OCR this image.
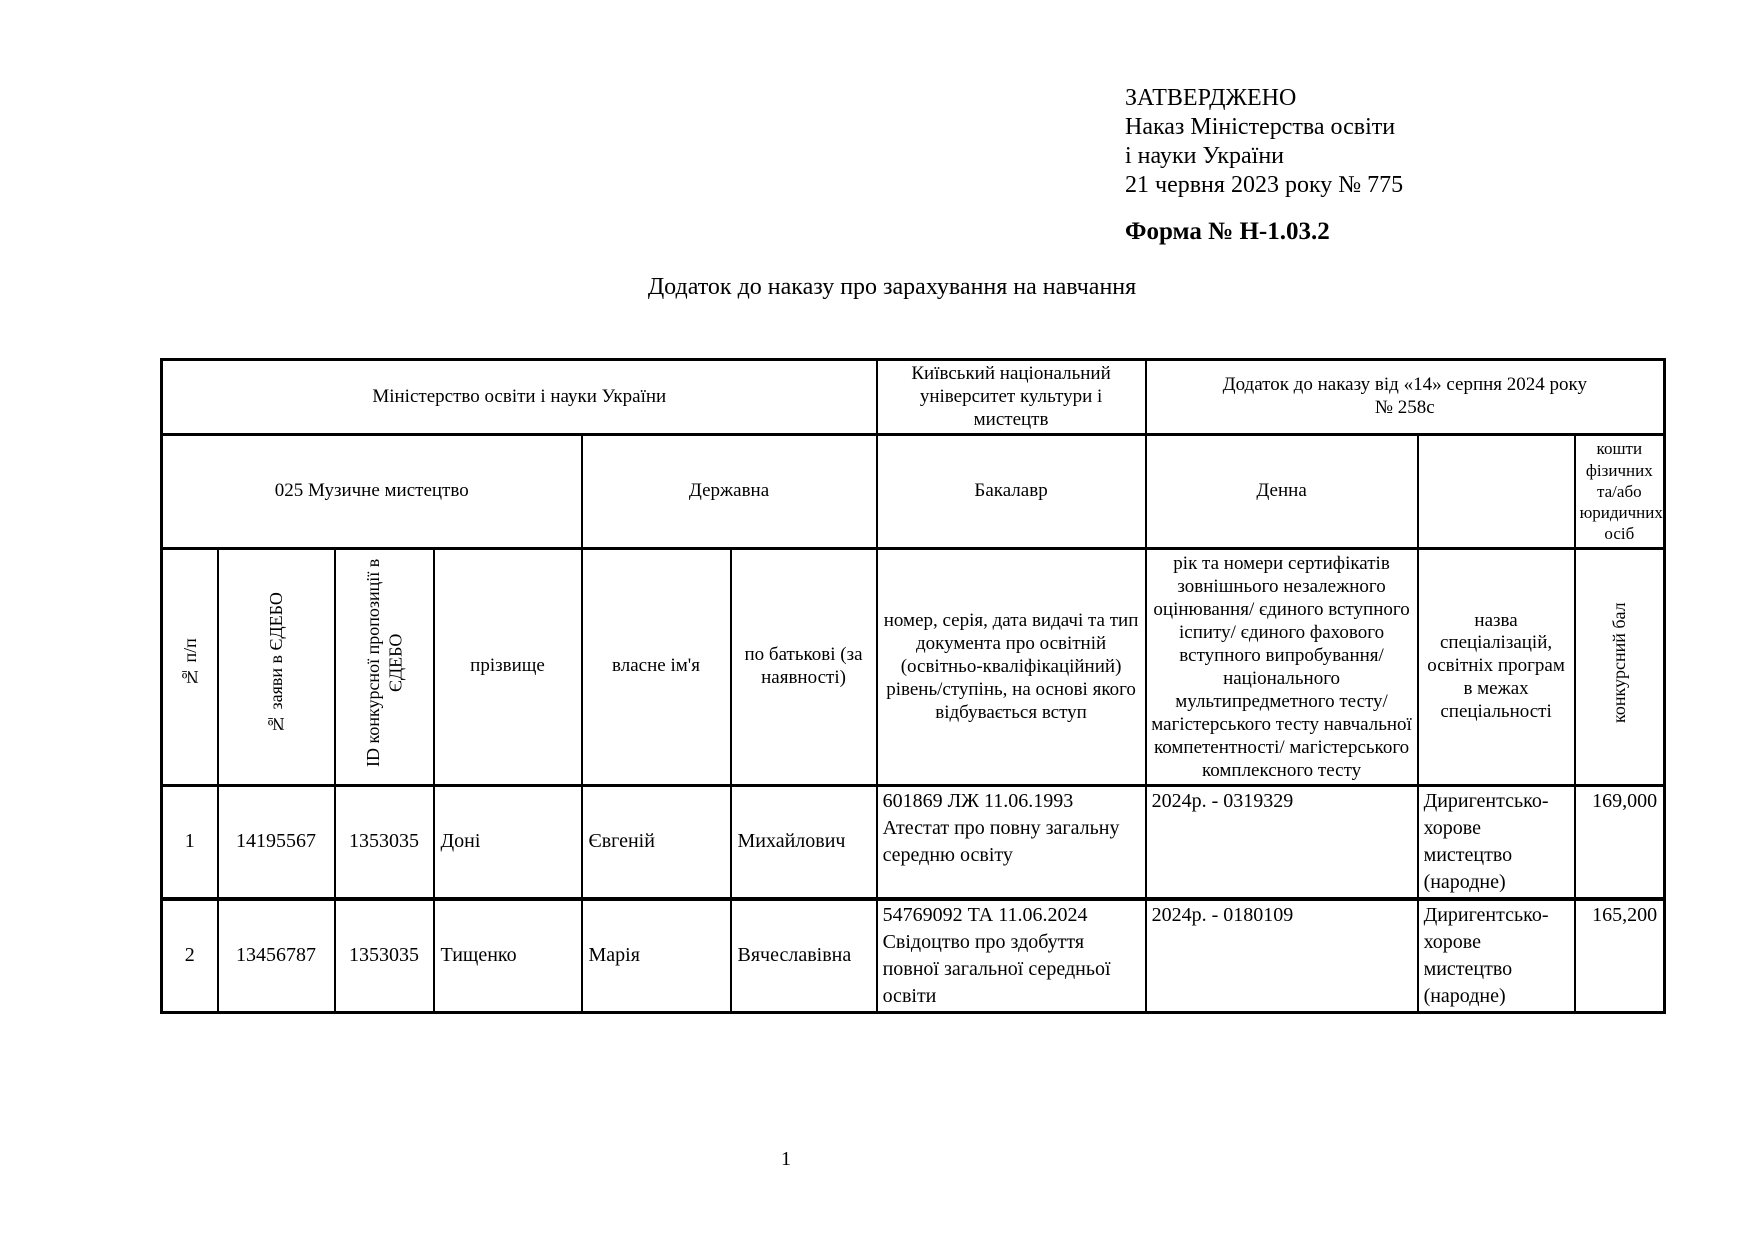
ЗАТВЕРДЖЕНО
Наказ Міністерства освіти
і науки України
21 червня 2023 року № 775
Форма № Н-1.03.2
Додаток до наказу про зарахування на навчання
Міністерство освіти і науки України						Київський національний університет культури і мистецтв	Додаток до наказу від «14» серпня 2024 року
№ 258с		

025 Музичне мистецтво				Державна		Бакалавр	Денна		кошти фізичних та/або юридичних осіб
№ п/п	№ заяви в ЄДЕБО	ID конкурсної пропозиції в ЄДЕБО	прізвище	власне ім'я	по батькові (за наявності)	номер, серія, дата видачі та тип документа про освітній (освітньо-кваліфікаційний) рівень/ступінь, на основі якого відбувається вступ	рік та номери сертифікатів зовнішнього незалежного оцінювання/ єдиного вступного іспиту/ єдиного фахового вступного випробування/ національного мультипредметного тесту/ магістерського тесту навчальної компетентності/ магістерського комплексного тесту	назва спеціалізацій, освітніх програм в межах спеціальності	конкурсний бал
1	14195567	1353035	Доні	Євгеній	Михайлович	601869 ЛЖ 11.06.1993 Атестат про повну загальну середню освіту	2024р. - 0319329	Диригентсько-хорове мистецтво (народне)	169,000
2	13456787	1353035	Тищенко	Марія	Вячеславівна	54769092 ТА 11.06.2024 Свідоцтво про здобуття повної загальної середньої освіти	2024р. - 0180109	Диригентсько-хорове мистецтво (народне)	165,200
1
